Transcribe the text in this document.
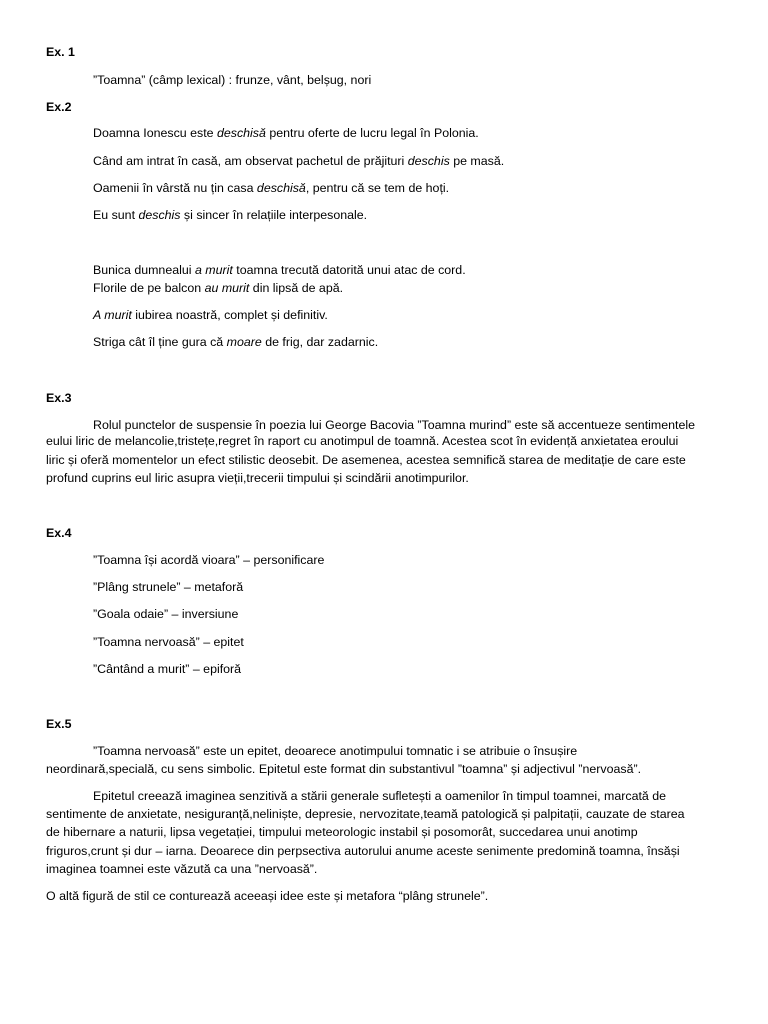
Ex. 1

”Toamna” (câmp lexical) : frunze, vânt, belșug, nori

Ex.2

Doamna Ionescu este deschisă pentru oferte de lucru legal în Polonia.

Când am intrat în casă, am observat pachetul de prăjituri deschis pe masă.

Oamenii în vârstă nu țin casa deschisă, pentru că se tem de hoți.

Eu sunt deschis și sincer în relațiile interpesonale.

Bunica dumnealui a murit toamna trecută datorită unui atac de cord.

Florile de pe balcon au murit din lipsă de apă.

A murit iubirea noastră, complet și definitiv.

Striga cât îl ține gura că moare de frig, dar zadarnic.

Ex.3

Rolul punctelor de suspensie în poezia lui George Bacovia ”Toamna murind” este să accentueze sentimentele

eului liric de melancolie,tristețe,regret în raport cu anotimpul de toamnă. Acestea scot în evidență anxietatea eroului

liric și oferă momentelor un efect stilistic deosebit. De asemenea, acestea semnifică starea de meditație de care este

profund cuprins eul liric asupra vieții,trecerii timpului și scindării anotimpurilor.

Ex.4

”Toamna își acordă vioara” – personificare

”Plâng strunele” – metaforă

”Goala odaie” – inversiune

”Toamna nervoasă” – epitet

”Cântând a murit” – epiforă

Ex.5

”Toamna nervoasă” este un epitet, deoarece anotimpului tomnatic i se atribuie o însușire

neordinară,specială, cu sens simbolic. Epitetul este format din substantivul ”toamna” și adjectivul ”nervoasă”.

Epitetul creează imaginea senzitivă a stării generale sufletești a oamenilor în timpul toamnei, marcată de

sentimente de anxietate, nesiguranță,neliniște, depresie, nervozitate,teamă patologică și palpitații, cauzate de starea

de hibernare a naturii, lipsa vegetației, timpului meteorologic instabil și posomorât, succedarea unui anotimp

friguros,crunt și dur – iarna. Deoarece din perpsectiva autorului anume aceste senimente predomină toamna, însăși

imaginea toamnei este văzută ca una ”nervoasă”.

O altă figură de stil ce conturează aceeași idee este și metafora “plâng strunele”.
